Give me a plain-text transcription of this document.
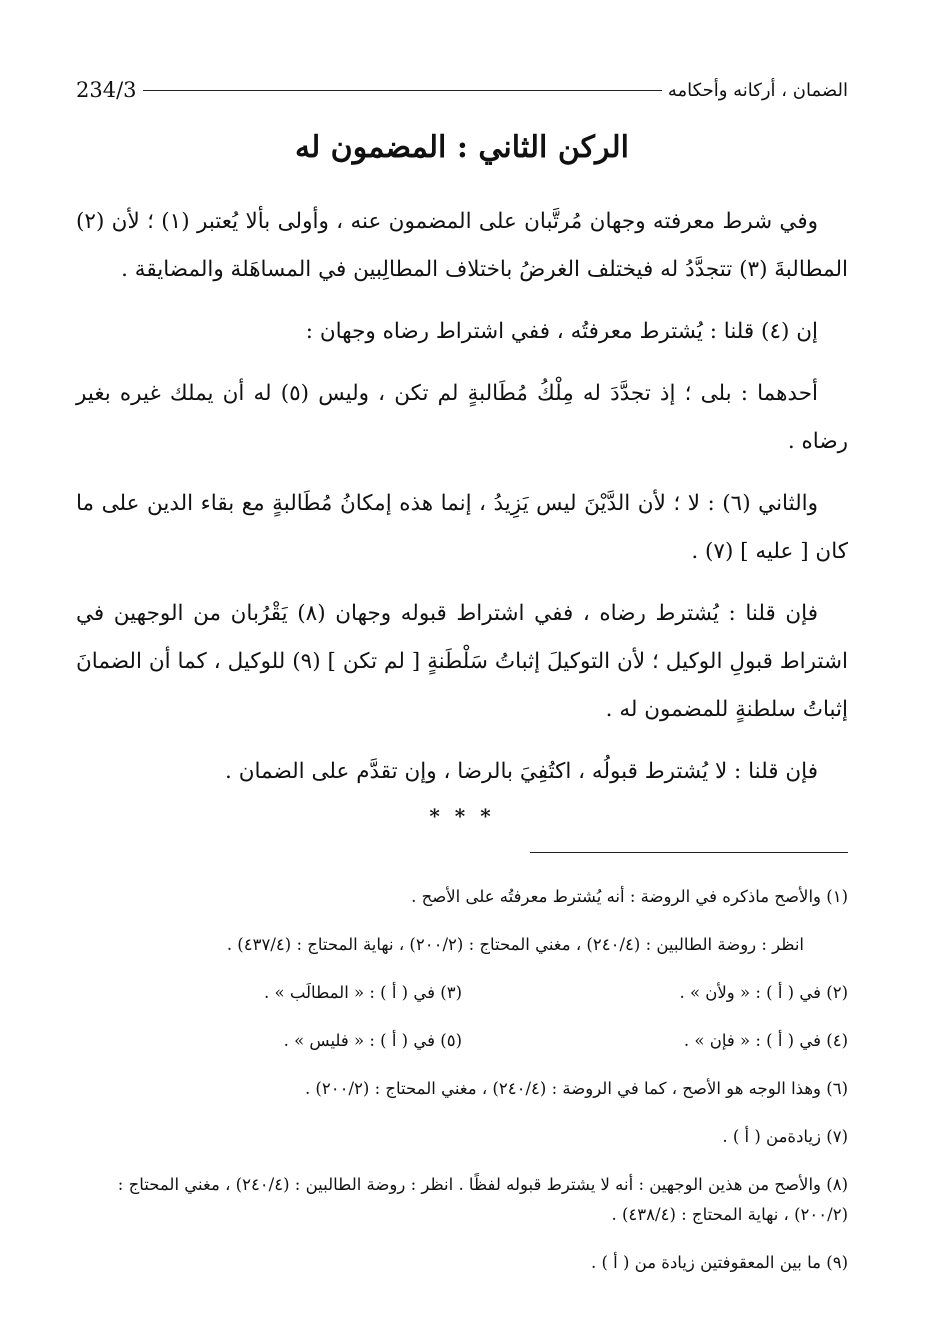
الضمان ، أركانه وأحكامه
234/3
الركن الثاني : المضمون له

وفي شرط معرفته وجهان مُرتَّبان على المضمون عنه ، وأولى بألا يُعتبر (١) ؛ لأن (٢) المطالبةَ (٣) تتجدَّدُ له فيختلف الغرضُ باختلاف المطالِبين في المساهَلة والمضايقة .

إن (٤) قلنا : يُشترط معرفتُه ، ففي اشتراط رضاه وجهان :

أحدهما : بلى ؛ إذ تجدَّدَ له مِلْكُ مُطَالبةٍ لم تكن ، وليس (٥) له أن يملك غيره بغير رضاه .

والثاني (٦) : لا ؛ لأن الدَّيْنَ ليس يَزِيدُ ، إنما هذه إمكانُ مُطَالبةٍ مع بقاء الدين على ما كان [ عليه ] (٧) .

فإن قلنا : يُشترط رضاه ، ففي اشتراط قبوله وجهان (٨) يَقْرُبان من الوجهين في اشتراط قبولِ الوكيل ؛ لأن التوكيلَ إثباتُ سَلْطَنةٍ [ لم تكن ] (٩) للوكيل ، كما أن الضمانَ إثباتُ سلطنةٍ للمضمون له .

فإن قلنا : لا يُشترط قبولُه ، اكتُفِيَ بالرضا ، وإن تقدَّم على الضمان .

* * *
(١) والأصح ماذكره في الروضة : أنه يُشترط معرفتُه على الأصح .
انظر : روضة الطالبين : (٢٤٠/٤) ، مغني المحتاج : (٢٠٠/٢) ، نهاية المحتاج : (٤٣٧/٤) .
(٢) في ( أ ) : « ولأن » .
(٣) في ( أ ) : « المطالَب » .
(٤) في ( أ ) : « فإن » .
(٥) في ( أ ) : « فليس » .
(٦) وهذا الوجه هو الأصح ، كما في الروضة : (٢٤٠/٤) ، مغني المحتاج : (٢٠٠/٢) .
(٧) زيادةمن ( أ ) .
(٨) والأصح من هذين الوجهين : أنه لا يشترط قبوله لفظًا . انظر : روضة الطالبين : (٢٤٠/٤) ، مغني المحتاج : (٢٠٠/٢) ، نهاية المحتاج : (٤٣٨/٤) .
(٩) ما بين المعقوفتين زيادة من ( أ ) .
